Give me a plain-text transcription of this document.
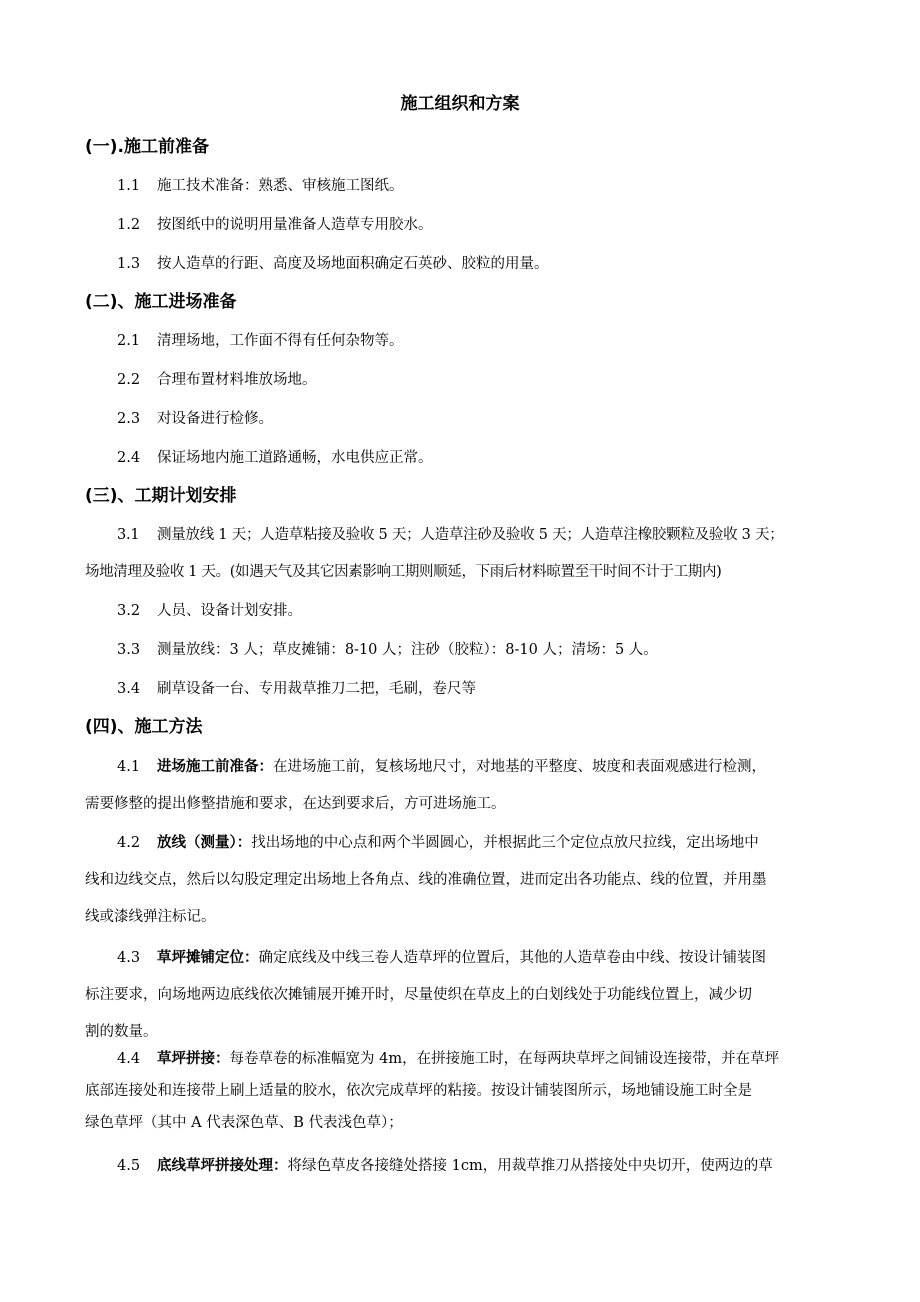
施工组织和方案
(一).施工前准备
1.1 施工技术准备：熟悉、审核施工图纸。
1.2 按图纸中的说明用量准备人造草专用胶水。
1.3 按人造草的行距、高度及场地面积确定石英砂、胶粒的用量。
(二)、施工进场准备
2.1 清理场地，工作面不得有任何杂物等。
2.2 合理布置材料堆放场地。
2.3 对设备进行检修。
2.4 保证场地内施工道路通畅，水电供应正常。
(三)、工期计划安排
3.1 测量放线 1 天；人造草粘接及验收 5 天；人造草注砂及验收 5 天；人造草注橡胶颗粒及验收 3 天；
场地清理及验收 1 天。(如遇天气及其它因素影响工期则顺延，下雨后材料晾置至干时间不计于工期内)
3.2 人员、设备计划安排。
3.3 测量放线：3 人；草皮摊铺：8-10 人；注砂（胶粒）：8-10 人；清场：5 人。
3.4 刷草设备一台、专用裁草推刀二把，毛刷，卷尺等
(四)、施工方法
4.1 进场施工前准备：在进场施工前，复核场地尺寸，对地基的平整度、坡度和表面观感进行检测，
需要修整的提出修整措施和要求，在达到要求后，方可进场施工。
4.2 放线（测量）：找出场地的中心点和两个半圆圆心，并根据此三个定位点放尺拉线，定出场地中
线和边线交点，然后以勾股定理定出场地上各角点、线的准确位置，进而定出各功能点、线的位置，并用墨
线或漆线弹注标记。
4.3 草坪摊铺定位：确定底线及中线三卷人造草坪的位置后，其他的人造草卷由中线、按设计铺装图
标注要求，向场地两边底线依次摊铺展开摊开时，尽量使织在草皮上的白划线处于功能线位置上，减少切
割的数量。
4.4 草坪拼接：每卷草卷的标准幅宽为 4m，在拼接施工时，在每两块草坪之间铺设连接带，并在草坪
底部连接处和连接带上刷上适量的胶水，依次完成草坪的粘接。按设计铺装图所示，场地铺设施工时全是
绿色草坪（其中 A 代表深色草、B 代表浅色草）；
4.5 底线草坪拼接处理：将绿色草皮各接缝处搭接 1cm，用裁草推刀从搭接处中央切开，使两边的草
